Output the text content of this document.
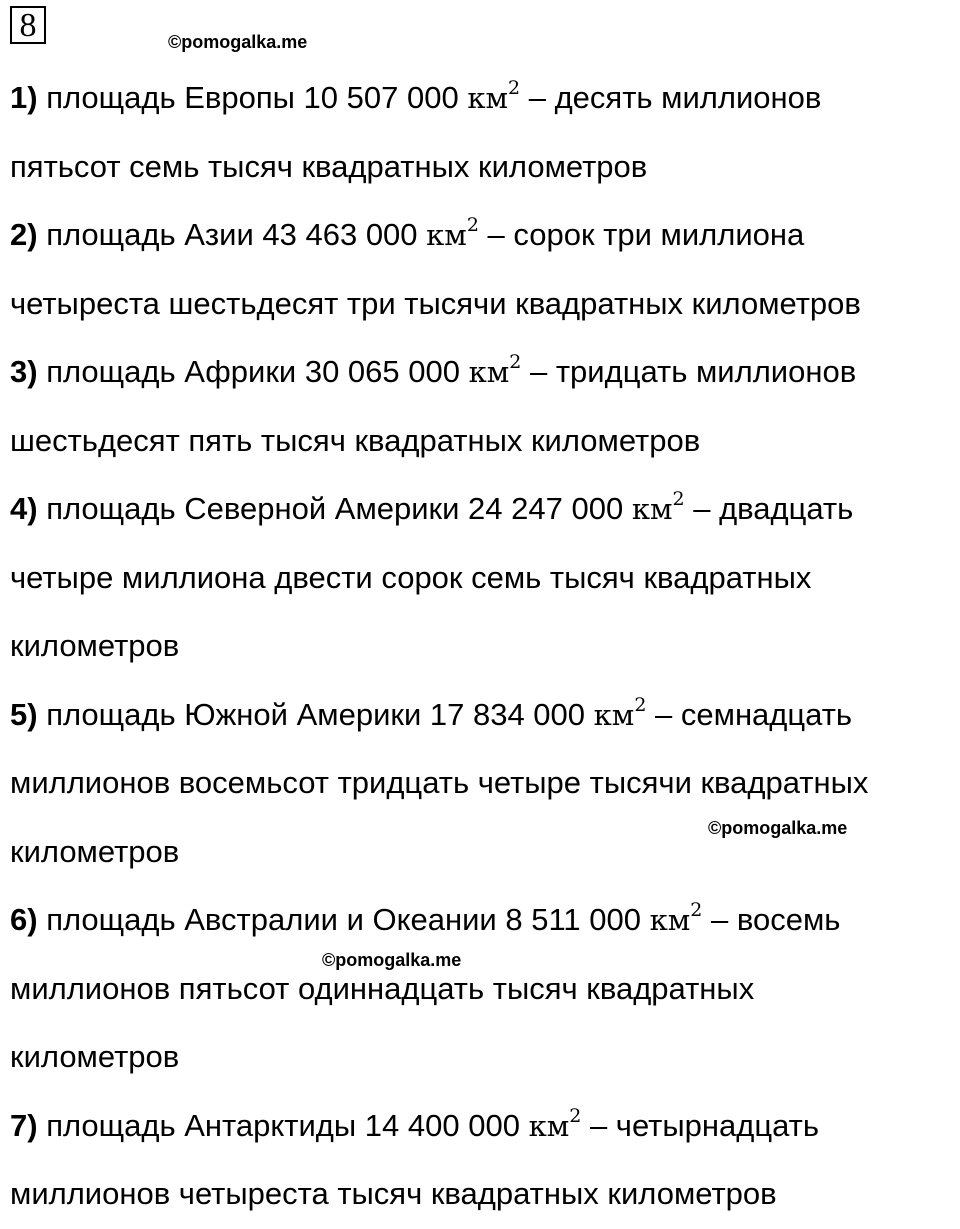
8	©pomogalka.me
©pomogalka.me
©pomogalka.me
1) площадь Европы 10 507 000 $км^2$ – десять миллионов
пятьсот семь тысяч квадратных километров
2) площадь Азии 43 463 000 $км^2$ – сорок три миллиона
четыреста шестьдесят три тысячи квадратных километров
3) площадь Африки 30 065 000 $км^2$ – тридцать миллионов
шестьдесят пять тысяч квадратных километров
4) площадь Северной Америки 24 247 000 $км^2$ – двадцать
четыре миллиона двести сорок семь тысяч квадратных
километров
5) площадь Южной Америки 17 834 000 $км^2$ – семнадцать
миллионов восемьсот тридцать четыре тысячи квадратных
километров
6) площадь Австралии и Океании 8 511 000 $км^2$ – восемь
миллионов пятьсот одиннадцать тысяч квадратных
километров
7) площадь Антарктиды 14 400 000 $км^2$ – четырнадцать
миллионов четыреста тысяч квадратных километров
